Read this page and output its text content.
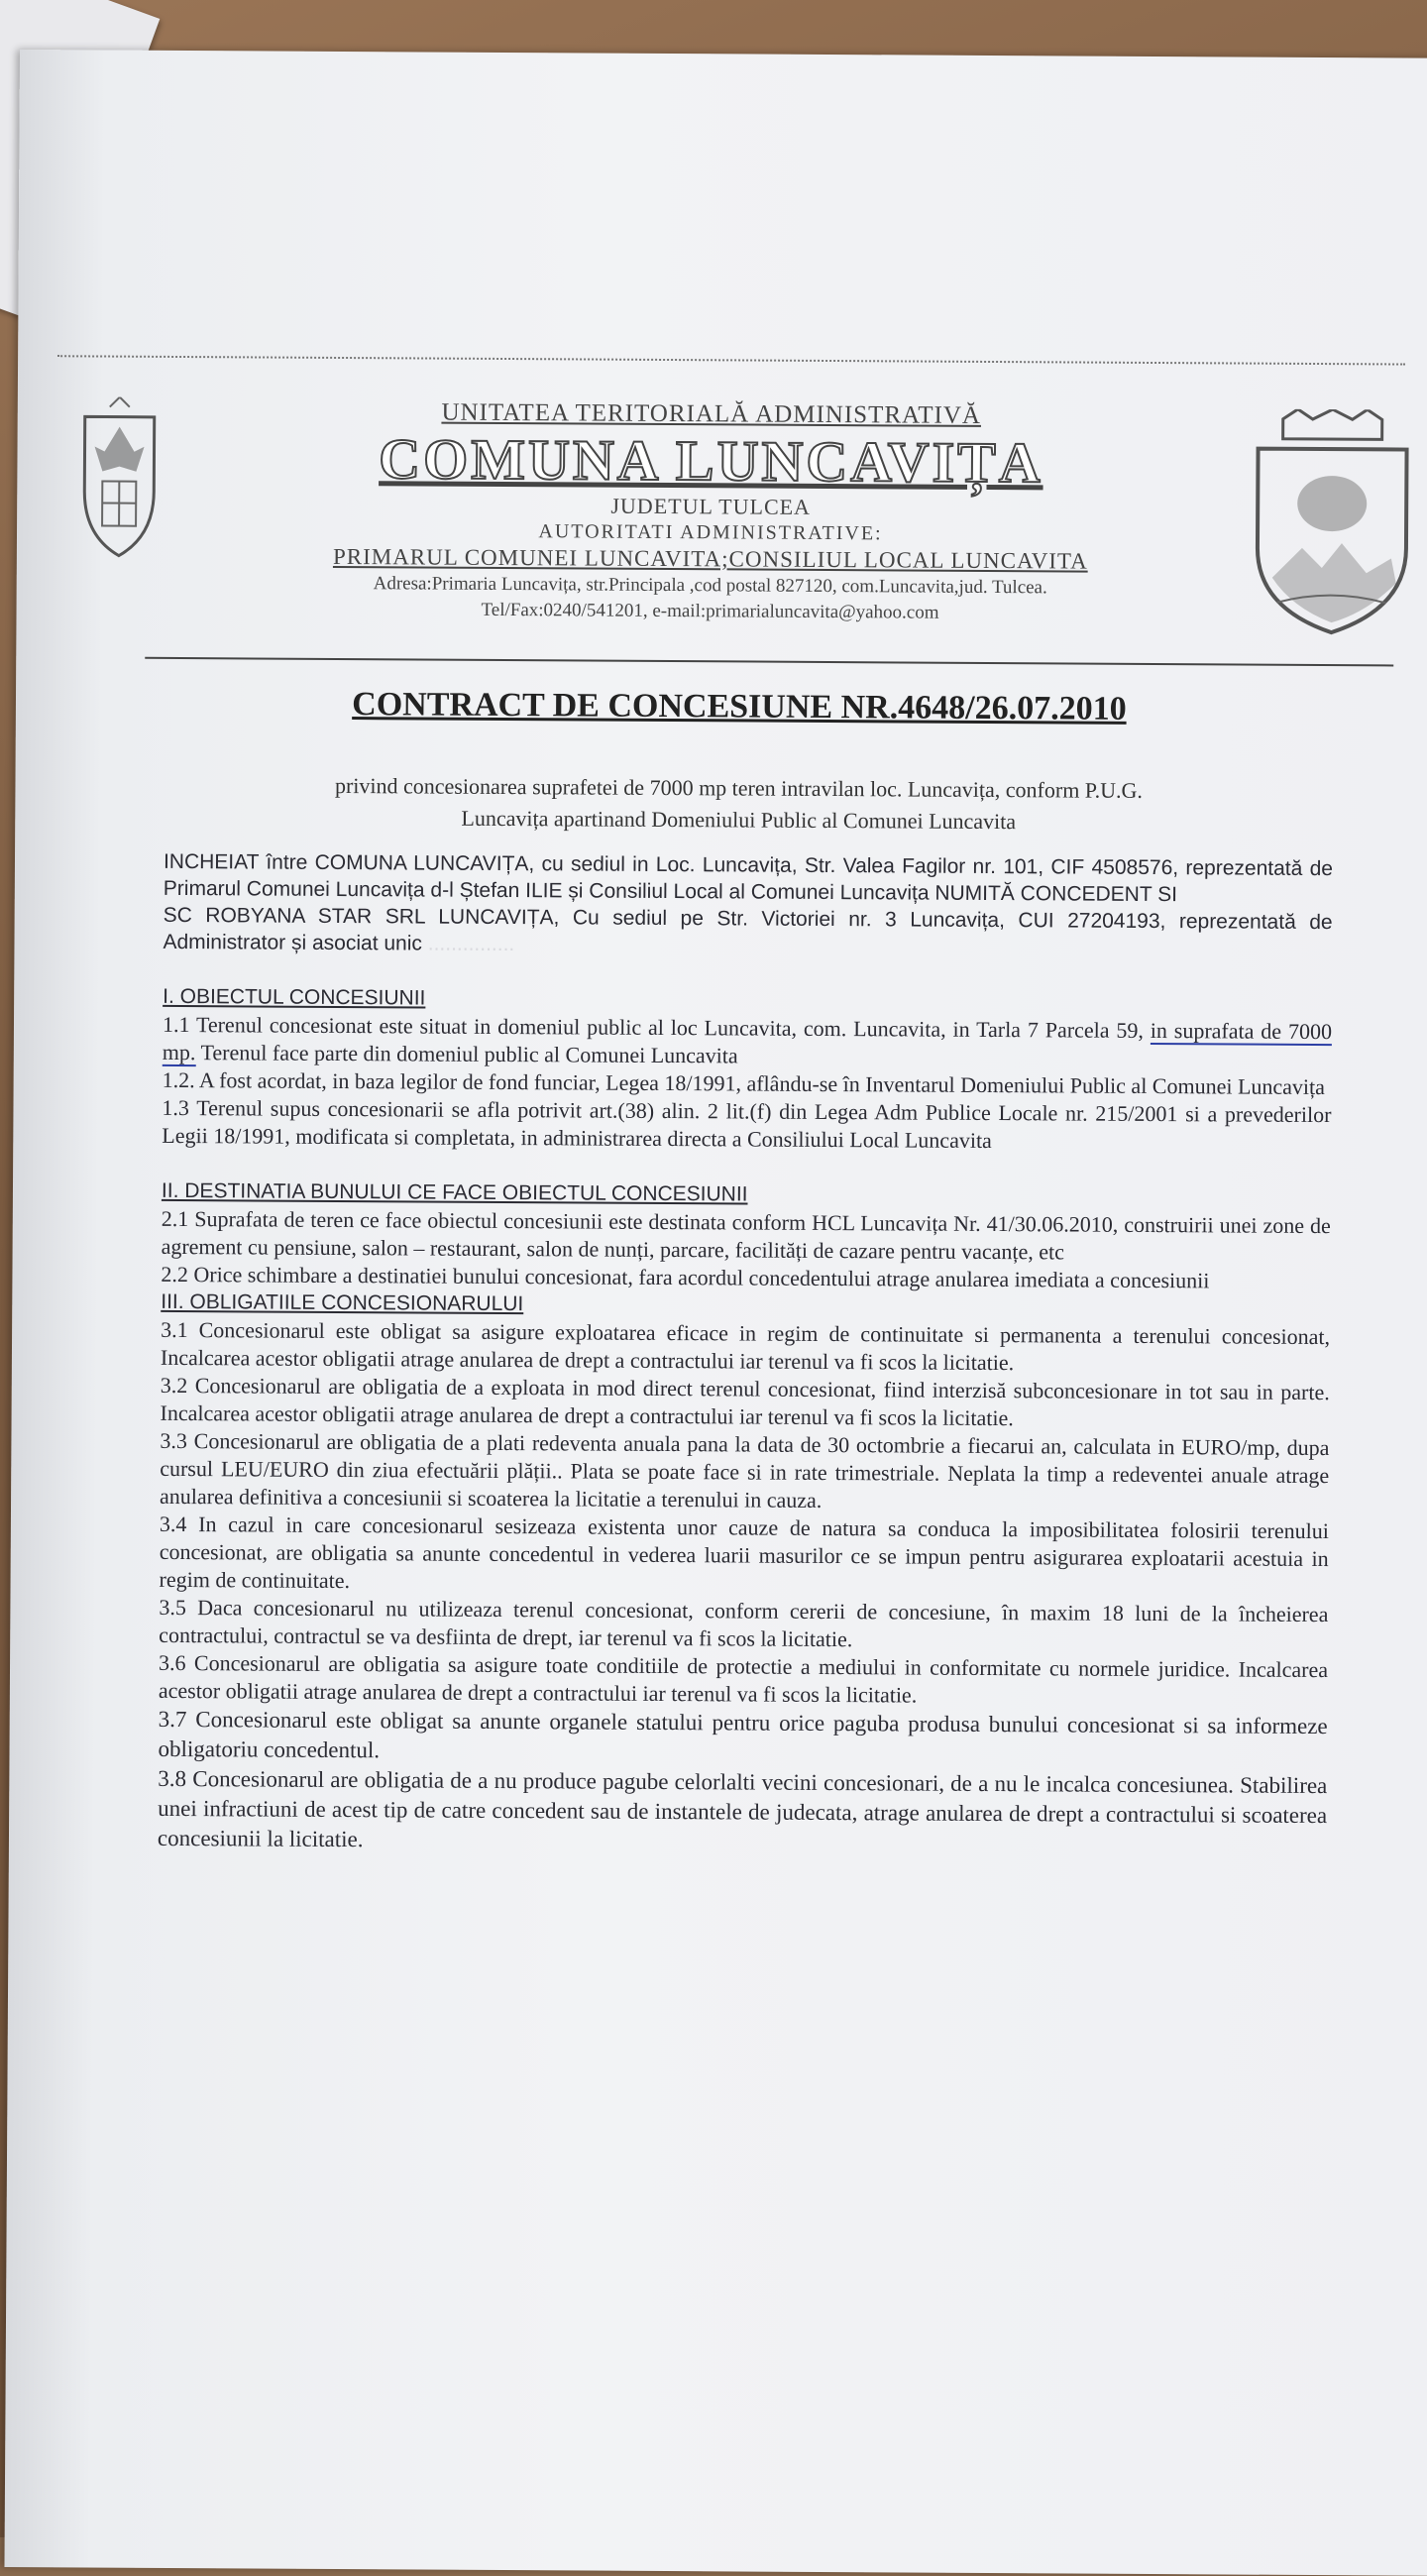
UNITATEA TERITORIALĂ ADMINISTRATIVĂ
COMUNA LUNCAVIȚA
JUDETUL TULCEA
AUTORITATI ADMINISTRATIVE:
PRIMARUL COMUNEI LUNCAVITA;CONSILIUL LOCAL LUNCAVITA
Adresa:Primaria Luncavița, str.Principala ,cod postal 827120, com.Luncavita,jud. Tulcea.
Tel/Fax:0240/541201, e-mail:primarialuncavita@yahoo.com
CONTRACT DE CONCESIUNE NR.4648/26.07.2010
privind concesionarea suprafetei de 7000 mp teren intravilan loc. Luncavița, conform P.U.G.
Luncavița apartinand Domeniului Public al Comunei Luncavita

INCHEIAT între COMUNA LUNCAVIȚA, cu sediul in Loc. Luncavița, Str. Valea Fagilor nr. 101, CIF 4508576, reprezentată de Primarul Comunei Luncavița d-l Ștefan ILIE și Consiliul Local al Comunei Luncavița NUMITĂ CONCEDENT SI

SC ROBYANA STAR SRL LUNCAVIȚA, Cu sediul pe Str. Victoriei nr. 3 Luncavița, CUI 27204193, reprezentată de Administrator și asociat unic ...............

I. OBIECTUL CONCESIUNII

1.1 Terenul concesionat este situat in domeniul public al loc Luncavita, com. Luncavita, in Tarla 7 Parcela 59, in suprafata de 7000 mp. Terenul face parte din domeniul public al Comunei Luncavita

1.2. A fost acordat, in baza legilor de fond funciar, Legea 18/1991, aflându-se în Inventarul Domeniului Public al Comunei Luncavița

1.3 Terenul supus concesionarii se afla potrivit art.(38) alin. 2 lit.(f) din Legea Adm Publice Locale nr. 215/2001 si a prevederilor Legii 18/1991, modificata si completata, in administrarea directa a Consiliului Local Luncavita

II. DESTINATIA BUNULUI CE FACE OBIECTUL CONCESIUNII

2.1 Suprafata de teren ce face obiectul concesiunii este destinata conform HCL Luncavița Nr. 41/30.06.2010, construirii unei zone de agrement cu pensiune, salon – restaurant, salon de nunți, parcare, facilități de cazare pentru vacanțe, etc

2.2 Orice schimbare a destinatiei bunului concesionat, fara acordul concedentului atrage anularea imediata a concesiunii

III. OBLIGATIILE CONCESIONARULUI

3.1 Concesionarul este obligat sa asigure exploatarea eficace in regim de continuitate si permanenta a terenului concesionat, Incalcarea acestor obligatii atrage anularea de drept a contractului iar terenul va fi scos la licitatie.

3.2 Concesionarul are obligatia de a exploata in mod direct terenul concesionat, fiind interzisă subconcesionare in tot sau in parte. Incalcarea acestor obligatii atrage anularea de drept a contractului iar terenul va fi scos la licitatie.

3.3 Concesionarul are obligatia de a plati redeventa anuala pana la data de 30 octombrie a fiecarui an, calculata in EURO/mp, dupa cursul LEU/EURO din ziua efectuării plății.. Plata se poate face si in rate trimestriale. Neplata la timp a redeventei anuale atrage anularea definitiva a concesiunii si scoaterea la licitatie a terenului in cauza.

3.4 In cazul in care concesionarul sesizeaza existenta unor cauze de natura sa conduca la imposibilitatea folosirii terenului concesionat, are obligatia sa anunte concedentul in vederea luarii masurilor ce se impun pentru asigurarea exploatarii acestuia in regim de continuitate.

3.5 Daca concesionarul nu utilizeaza terenul concesionat, conform cererii de concesiune, în maxim 18 luni de la încheierea contractului, contractul se va desfiinta de drept, iar terenul va fi scos la licitatie.

3.6 Concesionarul are obligatia sa asigure toate conditiile de protectie a mediului in conformitate cu normele juridice. Incalcarea acestor obligatii atrage anularea de drept a contractului iar terenul va fi scos la licitatie.

3.7 Concesionarul este obligat sa anunte organele statului pentru orice paguba produsa bunului concesionat si sa informeze obligatoriu concedentul.

3.8 Concesionarul are obligatia de a nu produce pagube celorlalti vecini concesionari, de a nu le incalca concesiunea. Stabilirea unei infractiuni de acest tip de catre concedent sau de instantele de judecata, atrage anularea de drept a contractului si scoaterea concesiunii la licitatie.
